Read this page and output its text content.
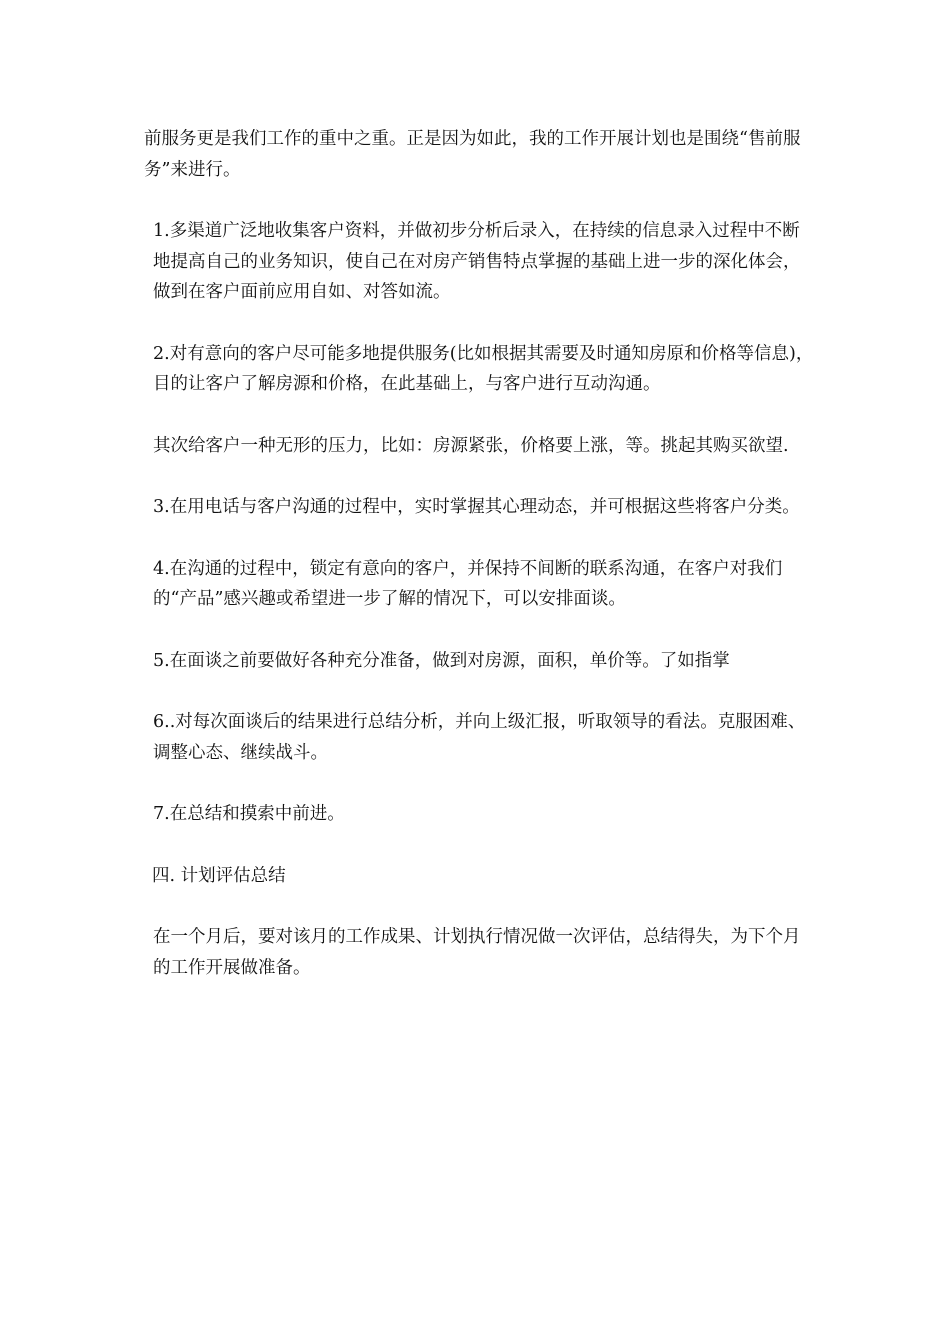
前服务更是我们工作的重中之重。正是因为如此，我的工作开展计划也是围绕“售前服务”来进行。

1.多渠道广泛地收集客户资料，并做初步分析后录入，在持续的信息录入过程中不断地提高自己的业务知识，使自己在对房产销售特点掌握的基础上进一步的深化体会，做到在客户面前应用自如、对答如流。

2.对有意向的客户尽可能多地提供服务(比如根据其需要及时通知房原和价格等信息)，目的让客户了解房源和价格，在此基础上，与客户进行互动沟通。

其次给客户一种无形的压力，比如：房源紧张，价格要上涨，等。挑起其购买欲望.

3.在用电话与客户沟通的过程中，实时掌握其心理动态，并可根据这些将客户分类。

4.在沟通的过程中，锁定有意向的客户，并保持不间断的联系沟通，在客户对我们的“产品”感兴趣或希望进一步了解的情况下，可以安排面谈。

5.在面谈之前要做好各种充分准备，做到对房源，面积，单价等。了如指掌

6..对每次面谈后的结果进行总结分析，并向上级汇报，听取领导的看法。克服困难、调整心态、继续战斗。

7.在总结和摸索中前进。

四. 计划评估总结

在一个月后，要对该月的工作成果、计划执行情况做一次评估，总结得失，为下个月的工作开展做准备。
